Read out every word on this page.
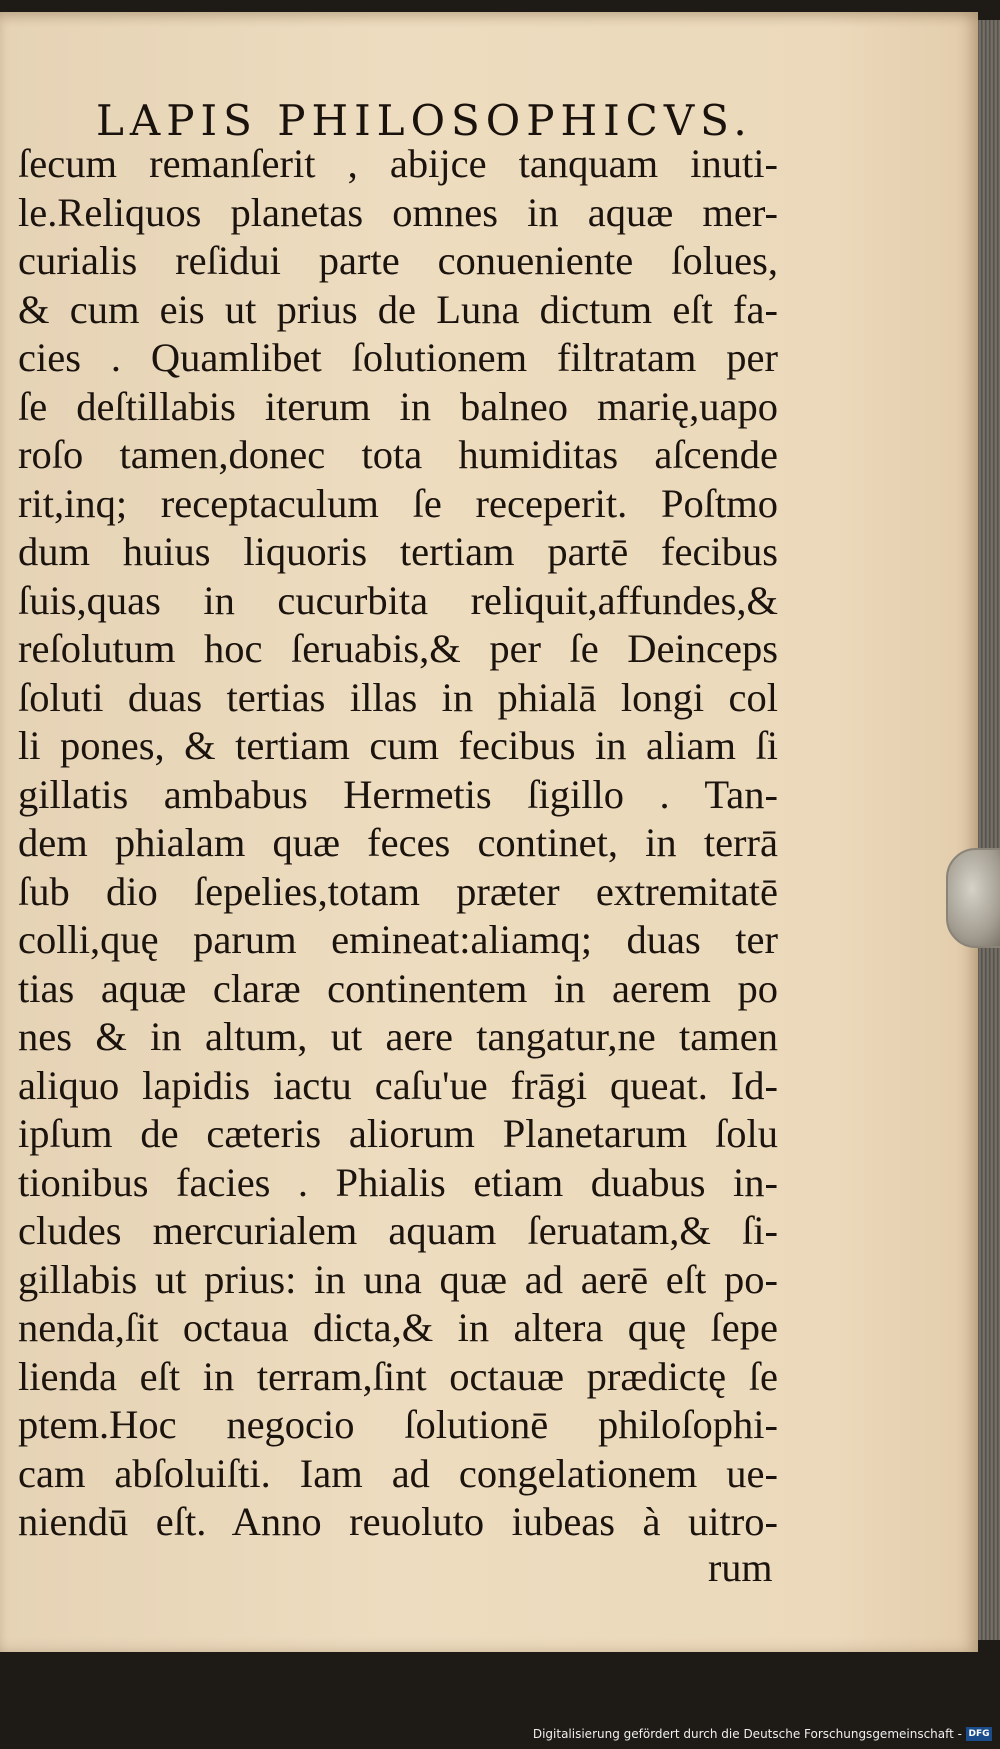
LAPIS PHILOSOPHICVS.
ſecum remanſerit , abijce tanquam inuti-
le.Reliquos planetas omnes in aquæ mer-
curialis reſidui parte conueniente ſolues,
& cum eis ut prius de Luna dictum eſt fa-
cies . Quamlibet ſolutionem filtratam per
ſe deſtillabis iterum in balneo marię,uapo
roſo tamen,donec tota humiditas aſcende
rit,inq; receptaculum ſe receperit. Poſtmo
dum huius liquoris tertiam partē fecibus
ſuis,quas in cucurbita reliquit,affundes,&
reſolutum hoc ſeruabis,& per ſe Deinceps
ſoluti duas tertias illas in phialā longi col
li pones, & tertiam cum fecibus in aliam ſi
gillatis ambabus Hermetis ſigillo . Tan-
dem phialam quæ feces continet, in terrā
ſub dio ſepelies,totam præter extremitatē
colli,quę parum emineat:aliamq; duas ter
tias aquæ claræ continentem in aerem po
nes & in altum, ut aere tangatur,ne tamen
aliquo lapidis iactu caſu'ue frāgi queat. Id-
ipſum de cæteris aliorum Planetarum ſolu
tionibus facies . Phialis etiam duabus in-
cludes mercurialem aquam ſeruatam,& ſi-
gillabis ut prius: in una quæ ad aerē eſt po-
nenda,ſit octaua dicta,& in altera quę ſepe
lienda eſt in terram,ſint octauæ prædictę ſe
ptem.Hoc negocio ſolutionē philoſophi-
cam abſoluiſti. Iam ad congelationem ue-
niendū eſt. Anno reuoluto iubeas à uitro-
rum
Digitalisierung gefördert durch die Deutsche Forschungsgemeinschaft - DFG
